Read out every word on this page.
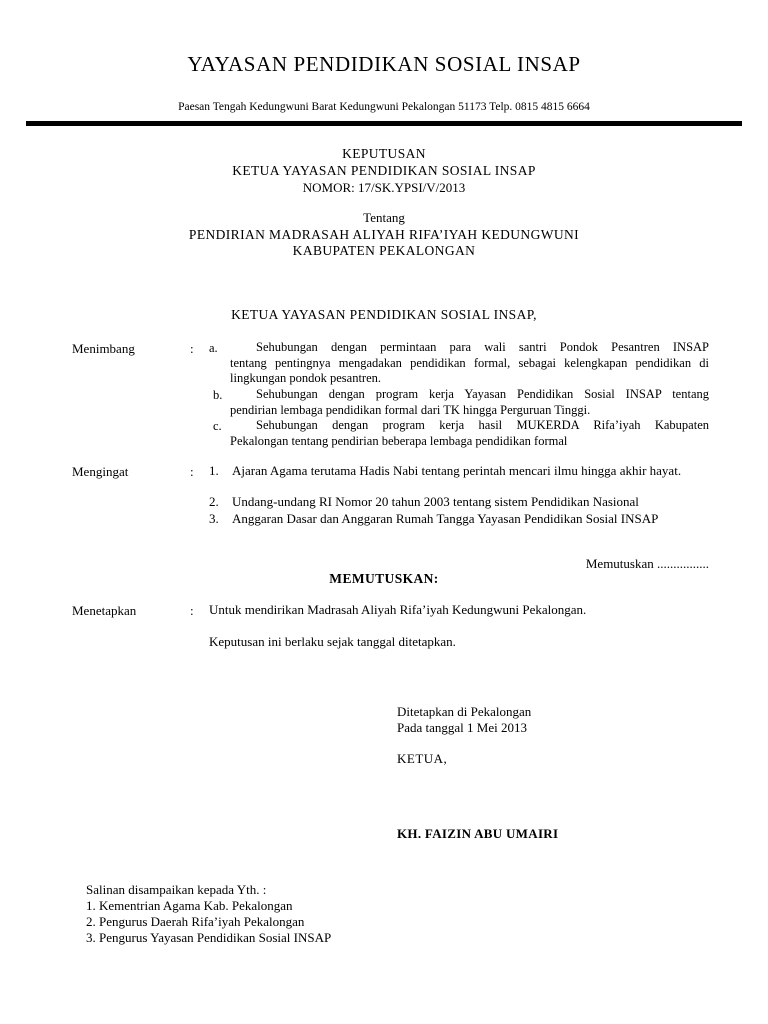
YAYASAN PENDIDIKAN SOSIAL INSAP
Paesan Tengah Kedungwuni Barat Kedungwuni Pekalongan 51173 Telp. 0815 4815 6664
KEPUTUSAN
KETUA YAYASAN PENDIDIKAN SOSIAL INSAP
NOMOR: 17/SK.YPSI/V/2013
Tentang
PENDIRIAN MADRASAH ALIYAH RIFA’IYAH KEDUNGWUNI
KABUPATEN PEKALONGAN
KETUA YAYASAN PENDIDIKAN SOSIAL INSAP,
Menimbang	: a.	Sehubungan dengan permintaan para wali santri Pondok Pesantren INSAP
tentang pentingnya mengadakan pendidikan formal, sebagai kelengkapan pendidikan di lingkungan pondok pesantren.
b.	Sehubungan dengan program kerja Yayasan Pendidikan Sosial INSAP tentang
pendirian lembaga pendidikan formal dari TK hingga Perguruan Tinggi.
c.	Sehubungan dengan program kerja hasil MUKERDA Rifa’iyah Kabupaten
Pekalongan tentang pendirian beberapa lembaga pendidikan formal
Mengingat	: 1. Ajaran Agama terutama Hadis Nabi tentang perintah mencari ilmu hingga akhir hayat.
2. Undang-undang RI Nomor 20 tahun 2003 tentang sistem Pendidikan Nasional
3. Anggaran Dasar dan Anggaran Rumah Tangga Yayasan Pendidikan Sosial INSAP
Memutuskan ................
MEMUTUSKAN:
Menetapkan	: Untuk mendirikan Madrasah Aliyah Rifa’iyah Kedungwuni Pekalongan.
Keputusan ini berlaku sejak tanggal ditetapkan.
Ditetapkan di Pekalongan
Pada tanggal 1 Mei 2013
KETUA,
KH. FAIZIN ABU UMAIRI
Salinan disampaikan kepada Yth. :
1. Kementrian Agama Kab. Pekalongan
2. Pengurus Daerah Rifa’iyah Pekalongan
3. Pengurus Yayasan Pendidikan Sosial INSAP
